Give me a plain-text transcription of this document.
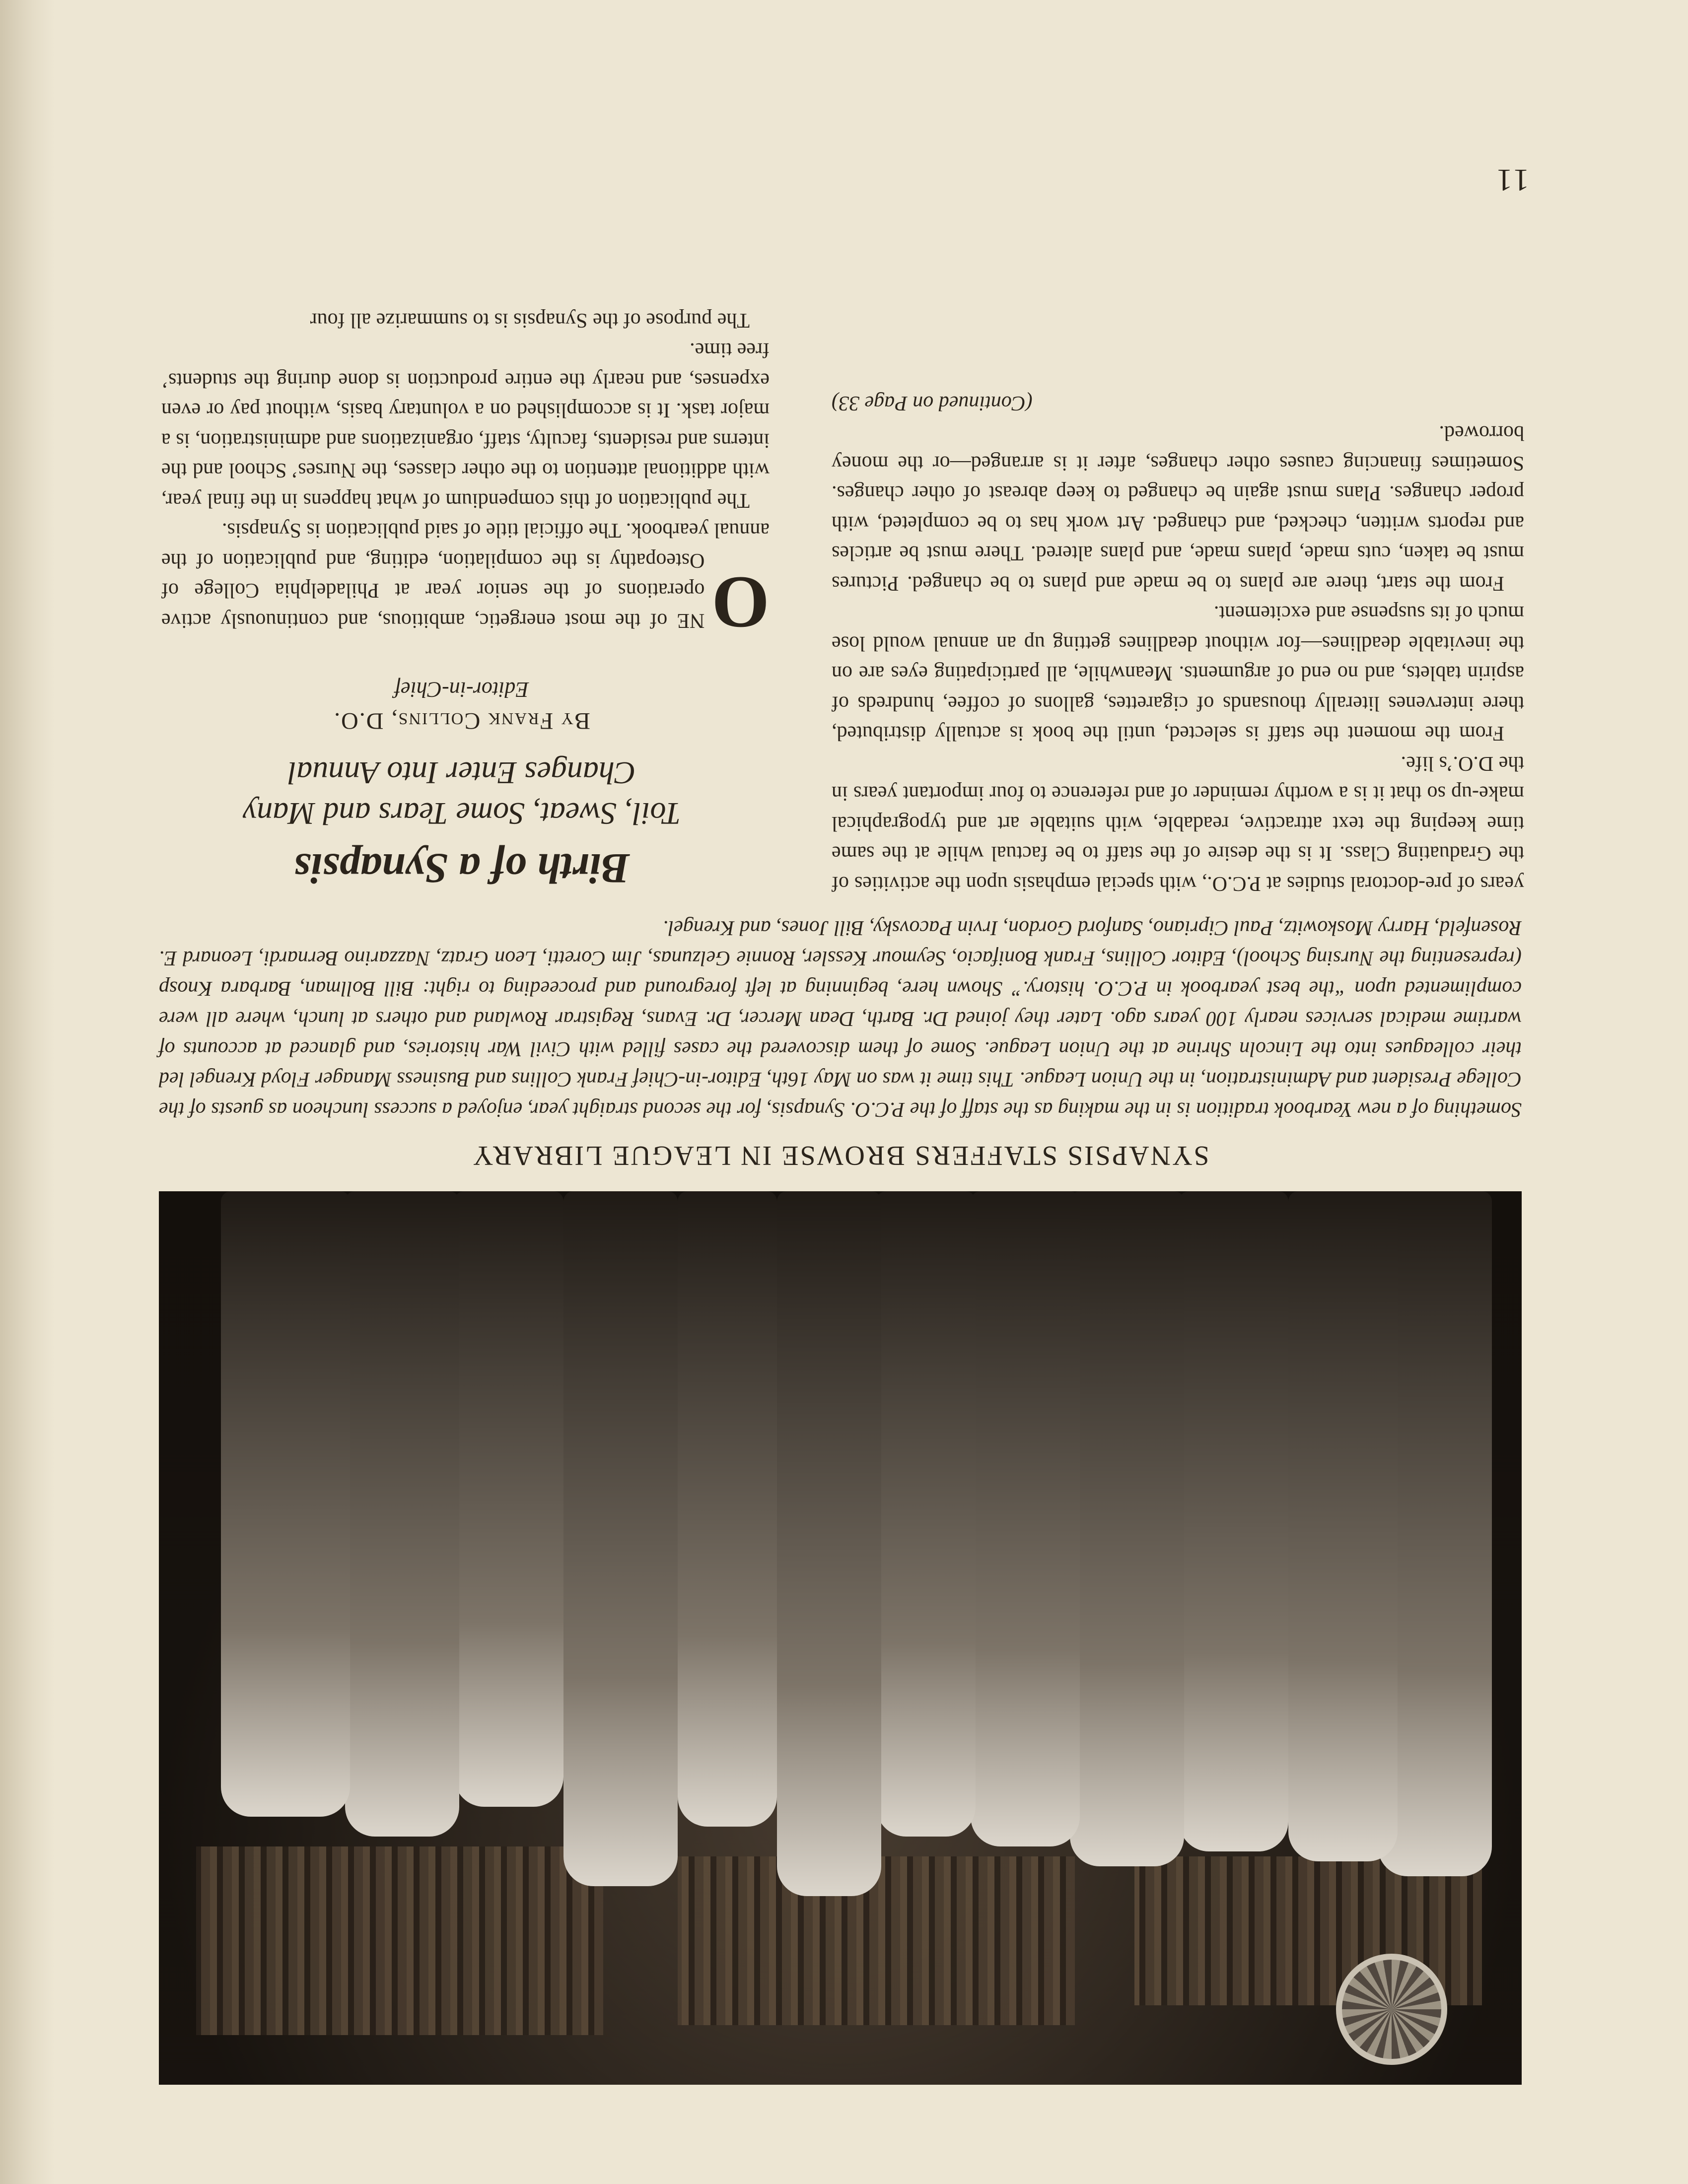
SYNAPSIS STAFFERS BROWSE IN LEAGUE LIBRARY
Something of a new Yearbook tradition is in the making as the staff of the P.C.O. Synapsis, for the second straight year, enjoyed a success luncheon as guests of the College President and Administration, in the Union League. This time it was on May 16th, Editor-in-Chief Frank Collins and Business Manager Floyd Krengel led their colleagues into the Lincoln Shrine at the Union League. Some of them discovered the cases filled with Civil War histories, and glanced at accounts of wartime medical services nearly 100 years ago. Later they joined Dr. Barth, Dean Mercer, Dr. Evans, Registrar Rowland and others at lunch, where all were complimented upon “the best yearbook in P.C.O. history.” Shown here, beginning at left foreground and proceeding to right: Bill Bollman, Barbara Knosp (representing the Nursing School), Editor Collins, Frank Bonifacio, Seymour Kessler, Ronnie Gelzunas, Jim Coretti, Leon Gratz, Nazzarino Bernardi, Leonard E. Rosenfeld, Harry Moskowitz, Paul Cipriano, Sanford Gordon, Irvin Pacovsky, Bill Jones, and Krengel.
Birth of a Synapsis
Toil, Sweat, Some Tears and Many
Changes Enter Into Annual
By Frank Collins, D.O.
Editor-in-Chief

O
NE of the most energetic, ambitious, and continuously active operations of the senior year at Philadelphia College of Osteopathy is the compilation, editing, and publication of the annual yearbook. The official title of said publication is Synapsis.

The publication of this compendium of what happens in the final year, with additional attention to the other classes, the Nurses’ School and the interns and residents, faculty, staff, organizations and administration, is a major task. It is accomplished on a voluntary basis, without pay or even expenses, and nearly the entire production is done during the students’ free time.

The purpose of the Synapsis is to summarize all four

years of pre-doctoral studies at P.C.O., with special emphasis upon the activities of the Graduating Class. It is the desire of the staff to be factual while at the same time keeping the text attractive, readable, with suitable art and typographical make-up so that it is a worthy reminder of and reference to four important years in the D.O.’s life.

From the moment the staff is selected, until the book is actually distributed, there intervenes literally thousands of cigarettes, gallons of coffee, hundreds of aspirin tablets, and no end of arguments. Meanwhile, all participating eyes are on the inevitable deadlines—for without deadlines getting up an annual would lose much of its suspense and excitement.

From the start, there are plans to be made and plans to be changed. Pictures must be taken, cuts made, plans made, and plans altered. There must be articles and reports written, checked, and changed. Art work has to be completed, with proper changes. Plans must again be changed to keep abreast of other changes. Sometimes financing causes other changes, after it is arranged—or the money borrowed.

(Continued on Page 33)
11
